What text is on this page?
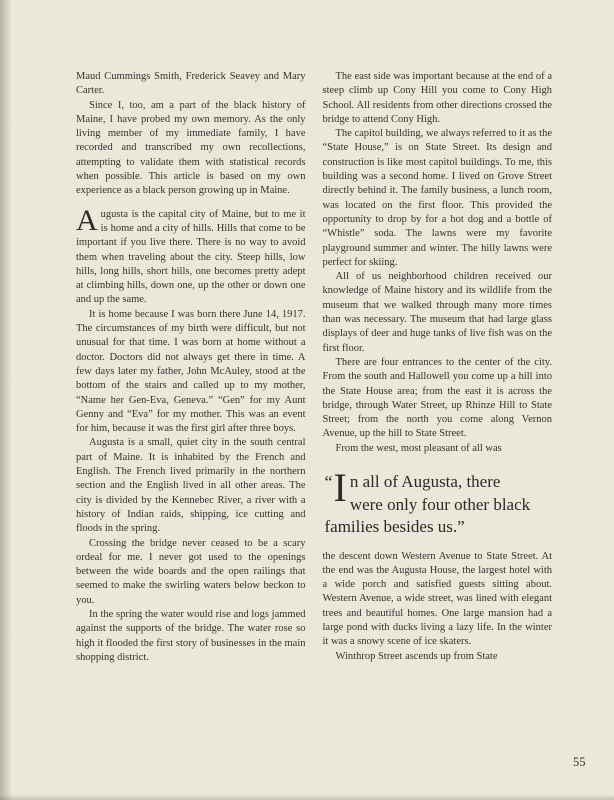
Maud Cummings Smith, Frederick Seavey and Mary Carter.

Since I, too, am a part of the black history of Maine, I have probed my own memory. As the only living member of my immediate family, I have recorded and transcribed my own recollections, attempting to validate them with statistical records when possible. This article is based on my own experience as a black person growing up in Maine.

Augusta is the capital city of Maine, but to me it is home and a city of hills. Hills that come to be important if you live there. There is no way to avoid them when traveling about the city. Steep hills, low hills, long hills, short hills, one becomes pretty adept at climbing hills, down one, up the other or down one and up the same.

It is home because I was born there June 14, 1917. The circumstances of my birth were difficult, but not unusual for that time. I was born at home without a doctor. Doctors did not always get there in time. A few days later my father, John McAuley, stood at the bottom of the stairs and called up to my mother, “Name her Gen-Eva, Geneva.” “Gen” for my Aunt Genny and “Eva” for my mother. This was an event for him, because it was the first girl after three boys.

Augusta is a small, quiet city in the south central part of Maine. It is inhabited by the French and English. The French lived primarily in the northern section and the English lived in all other areas. The city is divided by the Kennebec River, a river with a history of Indian raids, shipping, ice cutting and floods in the spring.

Crossing the bridge never ceased to be a scary ordeal for me. I never got used to the openings between the wide boards and the open railings that seemed to make the swirling waters below beckon to you.

In the spring the water would rise and logs jammed against the supports of the bridge. The water rose so high it flooded the first story of businesses in the main shopping district.

The east side was important because at the end of a steep climb up Cony Hill you come to Cony High School. All residents from other directions crossed the bridge to attend Cony High.

The capitol building, we always referred to it as the “State House,” is on State Street. Its design and construction is like most capitol buildings. To me, this building was a second home. I lived on Grove Street directly behind it. The family business, a lunch room, was located on the first floor. This provided the opportunity to drop by for a hot dog and a bottle of “Whistle” soda. The lawns were my favorite playground summer and winter. The hilly lawns were perfect for skiing.

All of us neighborhood children received our knowledge of Maine history and its wildlife from the museum that we walked through many more times than was necessary. The museum that had large glass displays of deer and huge tanks of live fish was on the first floor.

There are four entrances to the center of the city. From the south and Hallowell you come up a hill into the State House area; from the east it is across the bridge, through Water Street, up Rhinze Hill to State Street; from the north you come along Vernon Avenue, up the hill to State Street.

From the west, most pleasant of all was

“I n all of Augusta, there were only four other black families besides us.”

the descent down Western Avenue to State Street. At the end was the Augusta House, the largest hotel with a wide porch and satisfied guests sitting about. Western Avenue, a wide street, was lined with elegant trees and beautiful homes. One large mansion had a large pond with ducks living a lazy life. In the winter it was a snowy scene of ice skaters.

Winthrop Street ascends up from State

55
